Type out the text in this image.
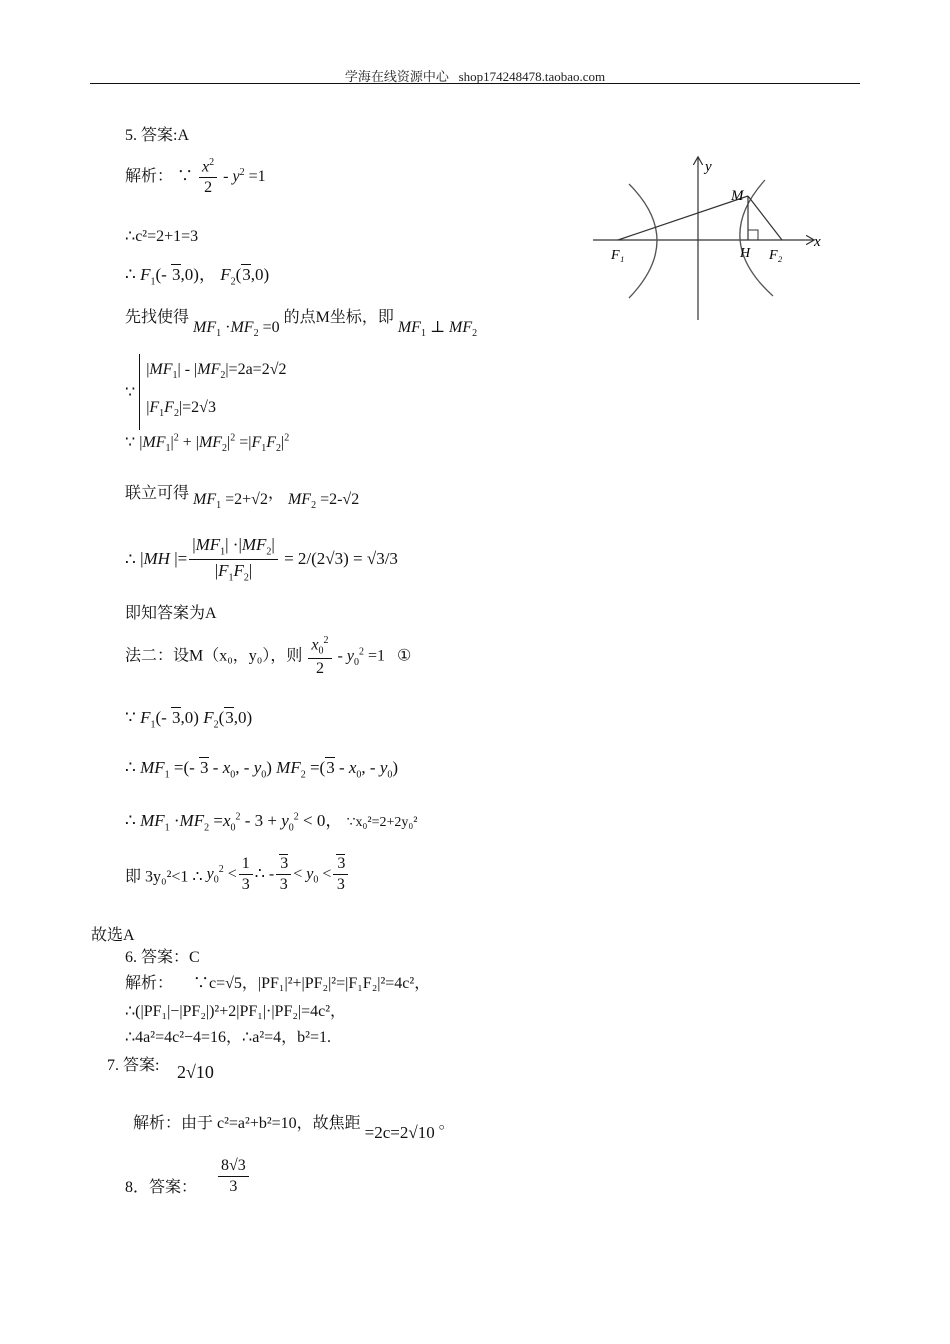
学海在线资源中心 shop174248478.taobao.com
5. 答案:A
解析： ∵ $\frac{x^2}{2} - y^2 =1$
∴c²=2+1=3
∴ $F_1(-$ 3,0)， $F_2(3,0)$
先找使得 $MF_1 \cdot MF_2 =0$ 的点M坐标，即 $MF_1$ ⊥ $MF_2$
∵ $|MF_1| - |MF_2|=2a=2√2$
$|F_1F_2|=2√3$
∵ $|MF_1|^2 + |MF_2|^2 =|F_1F_2|^2$
联立可得 $MF_1 =2+√2$， $MF_2 =2-√2$
∴ |MH |= $\frac{|MF_1| \cdot|MF_2|}{|F_1F_2|} = 2/(2√3) = √3/3$
即知答案为A
法二：设M（x₀，y₀），则 $\frac{x_0^2}{2} - y_0^2 =1$   ①
∵ $F_1(-$ 3,0) $F_2(3,0)$
∴ $MF_1$ =(- $3 - x_0$, - $y_0$) $MF_2 =(3 - x_0$, - $y_0$)
∴ $MF_1 \cdot MF_2 =x_0^2 - 3 + y_0^2 < 0$， ∵x₀²=2+2y₀²
即 3y₀²<1 ∴ $y_0^2 < \frac{1}{3}$ ∴ - $\frac{3}{3} < y_0 < \frac{3}{3}$
故选A
6. 答案：C
解析： ∵c=√5，|PF₁|²+|PF₂|²=|F₁F₂|²=4c²，
∴(|PF₁|−|PF₂|)²+2|PF₁|·|PF₂|=4c²，
∴4a²=4c²−4=16，∴a²=4，b²=1.
7. 答案: 2√10
解析：由于 c²=a²+b²=10，故焦距 =2c=2√10 。
8．答案： $\frac{8√3}{3}$
y
x
M
H
F₁	F₂
